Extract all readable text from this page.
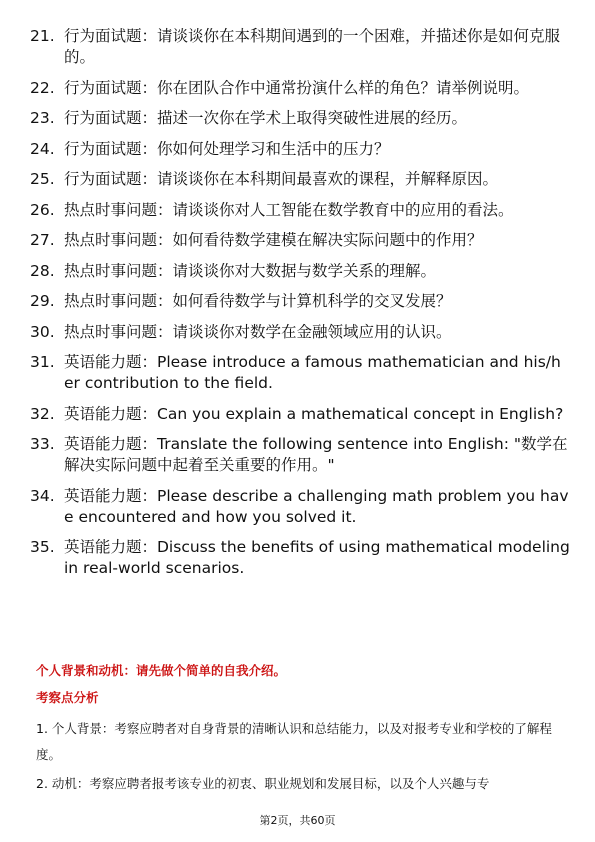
21. 行为面试题：请谈谈你在本科期间遇到的一个困难，并描述你是如何克服的。
22. 行为面试题：你在团队合作中通常扮演什么样的角色？请举例说明。
23. 行为面试题：描述一次你在学术上取得突破性进展的经历。
24. 行为面试题：你如何处理学习和生活中的压力？
25. 行为面试题：请谈谈你在本科期间最喜欢的课程，并解释原因。
26. 热点时事问题：请谈谈你对人工智能在数学教育中的应用的看法。
27. 热点时事问题：如何看待数学建模在解决实际问题中的作用？
28. 热点时事问题：请谈谈你对大数据与数学关系的理解。
29. 热点时事问题：如何看待数学与计算机科学的交叉发展？
30. 热点时事问题：请谈谈你对数学在金融领域应用的认识。
31. 英语能力题：Please introduce a famous mathematician and his/her contribution to the field.
32. 英语能力题：Can you explain a mathematical concept in English?
33. 英语能力题：Translate the following sentence into English: "数学在解决实际问题中起着至关重要的作用。"
34. 英语能力题：Please describe a challenging math problem you have encountered and how you solved it.
35. 英语能力题：Discuss the benefits of using mathematical modeling in real-world scenarios.
个人背景和动机：请先做个简单的自我介绍。
考察点分析
1. 个人背景：考察应聘者对自身背景的清晰认识和总结能力，以及对报考专业和学校的了解程度。
2. 动机：考察应聘者报考该专业的初衷、职业规划和发展目标，以及个人兴趣与专
第2页，共60页
